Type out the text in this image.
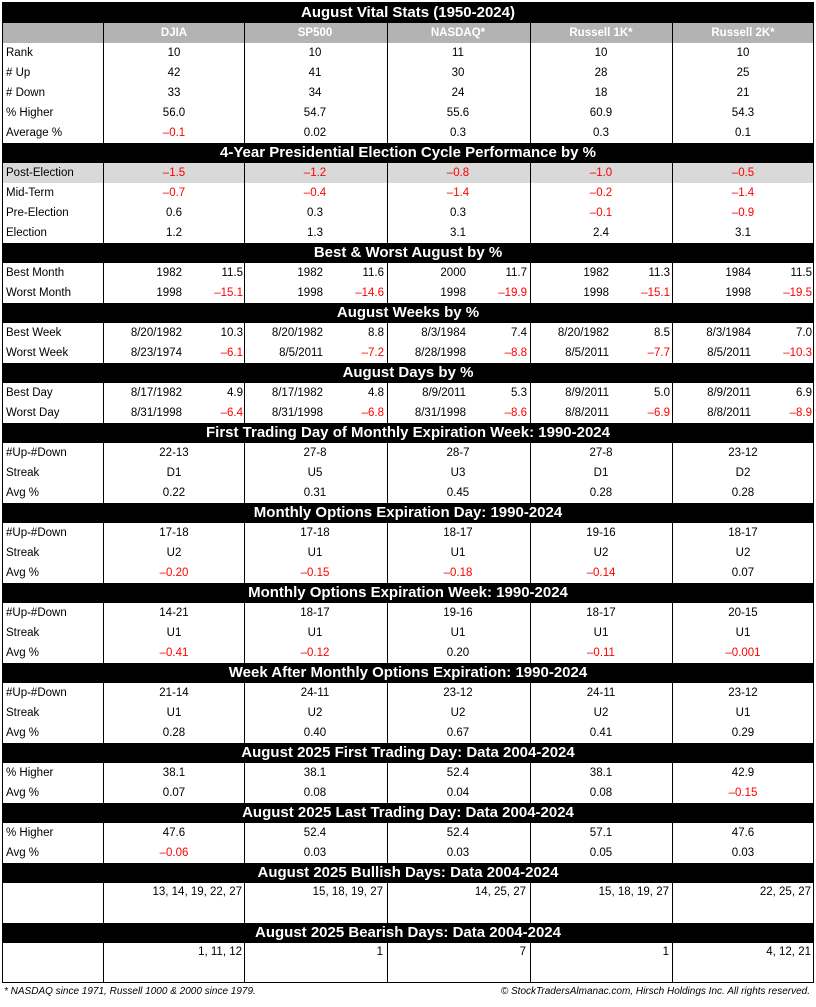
August Vital Stats (1950-2024)
DJIA	SP500	NASDAQ*	Russell 1K*	Russell 2K*
Rank	10	10	11	10	10
# Up	42	41	30	28	25
# Down	33	34	24	18	21
% Higher	56.0	54.7	55.6	60.9	54.3
Average %	–0.1	0.02	0.3	0.3	0.1
4-Year Presidential Election Cycle Performance by %
Post-Election	–1.5	–1.2	–0.8	–1.0	–0.5
Mid-Term	–0.7	–0.4	–1.4	–0.2	–1.4
Pre-Election	0.6	0.3	0.3	–0.1	–0.9
Election	1.2	1.3	3.1	2.4	3.1
Best & Worst August by %
Best Month	1982	11.5	1982	11.6	2000	11.7	1982	11.3	1984	11.5
Worst Month	1998	–15.1	1998	–14.6	1998	–19.9	1998	–15.1	1998	–19.5
August Weeks by %
Best Week	8/20/1982	10.3	8/20/1982	8.8	8/3/1984	7.4	8/20/1982	8.5	8/3/1984	7.0
Worst Week	8/23/1974	–6.1	8/5/2011	–7.2	8/28/1998	–8.8	8/5/2011	–7.7	8/5/2011	–10.3
August Days by %
Best Day	8/17/1982	4.9	8/17/1982	4.8	8/9/2011	5.3	8/9/2011	5.0	8/9/2011	6.9
Worst Day	8/31/1998	–6.4	8/31/1998	–6.8	8/31/1998	–8.6	8/8/2011	–6.9	8/8/2011	–8.9
First Trading Day of Monthly Expiration Week: 1990-2024
#Up-#Down	22-13	27-8	28-7	27-8	23-12
Streak	D1	U5	U3	D1	D2
Avg %	0.22	0.31	0.45	0.28	0.28
Monthly Options Expiration Day: 1990-2024
#Up-#Down	17-18	17-18	18-17	19-16	18-17
Streak	U2	U1	U1	U2	U2
Avg %	–0.20	–0.15	–0.18	–0.14	0.07
Monthly Options Expiration Week: 1990-2024
#Up-#Down	14-21	18-17	19-16	18-17	20-15
Streak	U1	U1	U1	U1	U1
Avg %	–0.41	–0.12	0.20	–0.11	–0.001
Week After Monthly Options Expiration: 1990-2024
#Up-#Down	21-14	24-11	23-12	24-11	23-12
Streak	U1	U2	U2	U2	U1
Avg %	0.28	0.40	0.67	0.41	0.29
August 2025 First Trading Day: Data 2004-2024
% Higher	38.1	38.1	52.4	38.1	42.9
Avg %	0.07	0.08	0.04	0.08	–0.15
August 2025 Last Trading Day: Data 2004-2024
% Higher	47.6	52.4	52.4	57.1	47.6
Avg %	–0.06	0.03	0.03	0.05	0.03
August 2025 Bullish Days: Data 2004-2024
13, 14, 19, 22, 27	15, 18, 19, 27	14, 25, 27	15, 18, 19, 27	22, 25, 27
August 2025 Bearish Days: Data 2004-2024
1, 11, 12	1	7	1	4, 12, 21
* NASDAQ since 1971, Russell 1000 & 2000 since 1979.	© StockTradersAlmanac.com, Hirsch Holdings Inc. All rights reserved.
